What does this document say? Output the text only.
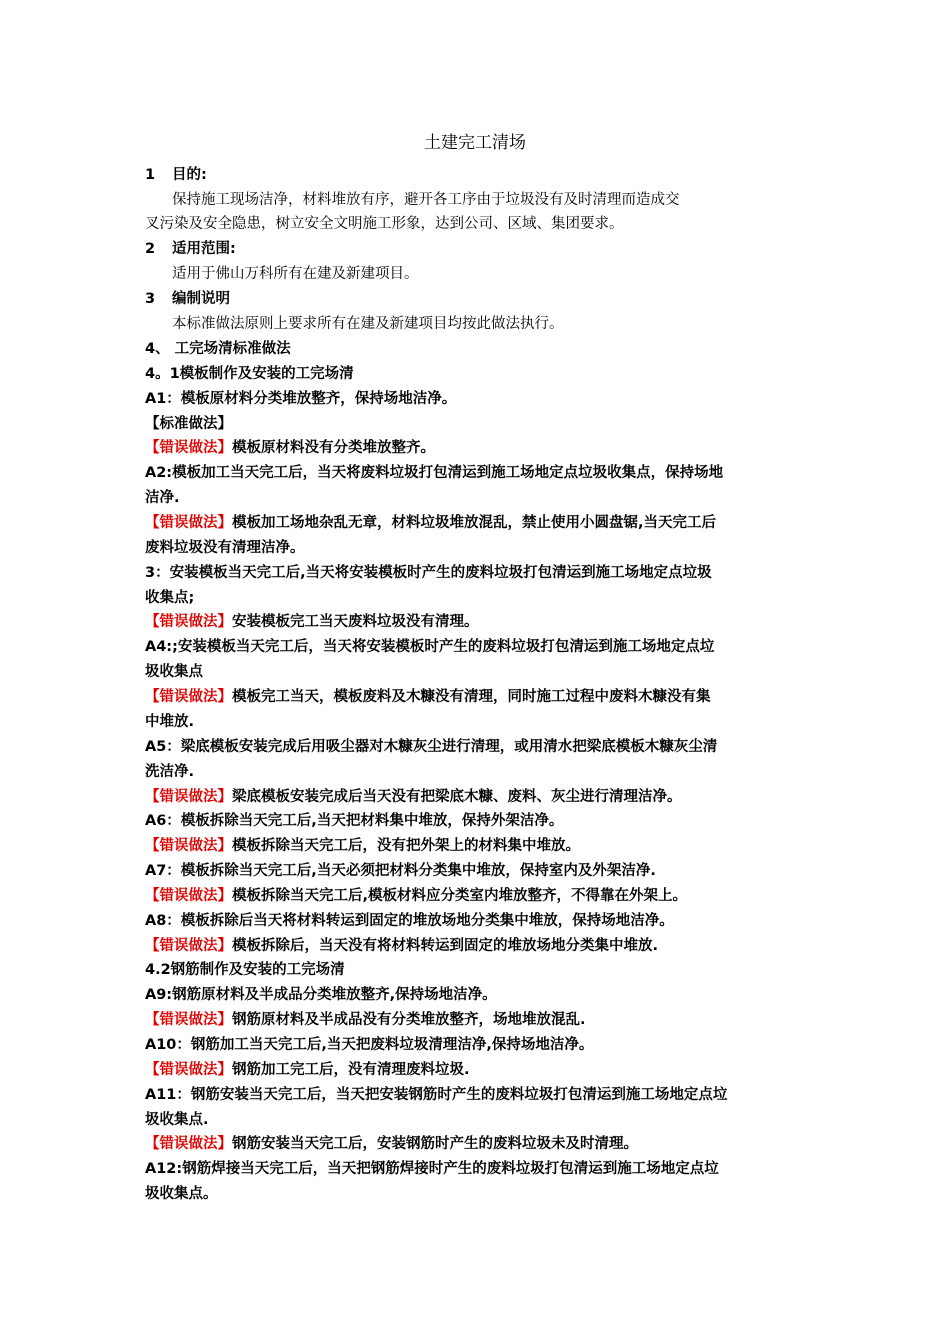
土建完工清场
1 目的:
保持施工现场洁净，材料堆放有序，避开各工序由于垃圾没有及时清理而造成交
叉污染及安全隐患，树立安全文明施工形象，达到公司、区域、集团要求。
2 适用范围:
适用于佛山万科所有在建及新建项目。
3 编制说明
本标准做法原则上要求所有在建及新建项目均按此做法执行。
4、 工完场清标准做法
4。1模板制作及安装的工完场清
A1：模板原材料分类堆放整齐，保持场地洁净。
【标准做法】
【错误做法】模板原材料没有分类堆放整齐。
A2:模板加工当天完工后，当天将废料垃圾打包清运到施工场地定点垃圾收集点，保持场地
洁净.
【错误做法】模板加工场地杂乱无章，材料垃圾堆放混乱，禁止使用小圆盘锯,当天完工后
废料垃圾没有清理洁净。
3：安装模板当天完工后,当天将安装模板时产生的废料垃圾打包清运到施工场地定点垃圾
收集点;
【错误做法】安装模板完工当天废料垃圾没有清理。
A4:;安装模板当天完工后，当天将安装模板时产生的废料垃圾打包清运到施工场地定点垃
圾收集点
【错误做法】模板完工当天，模板废料及木糠没有清理，同时施工过程中废料木糠没有集
中堆放.
A5：梁底模板安装完成后用吸尘器对木糠灰尘进行清理，或用清水把梁底模板木糠灰尘清
洗洁净.
【错误做法】梁底模板安装完成后当天没有把梁底木糠、废料、灰尘进行清理洁净。
A6：模板拆除当天完工后,当天把材料集中堆放，保持外架洁净。
【错误做法】模板拆除当天完工后，没有把外架上的材料集中堆放。
A7：模板拆除当天完工后,当天必须把材料分类集中堆放，保持室内及外架洁净.
【错误做法】模板拆除当天完工后,模板材料应分类室内堆放整齐，不得靠在外架上。
A8：模板拆除后当天将材料转运到固定的堆放场地分类集中堆放，保持场地洁净。
【错误做法】模板拆除后，当天没有将材料转运到固定的堆放场地分类集中堆放.
4.2钢筋制作及安装的工完场清
A9:钢筋原材料及半成品分类堆放整齐,保持场地洁净。
【错误做法】钢筋原材料及半成品没有分类堆放整齐，场地堆放混乱.
A10：钢筋加工当天完工后,当天把废料垃圾清理洁净,保持场地洁净。
【错误做法】钢筋加工完工后，没有清理废料垃圾.
A11：钢筋安装当天完工后，当天把安装钢筋时产生的废料垃圾打包清运到施工场地定点垃
圾收集点.
【错误做法】钢筋安装当天完工后，安装钢筋时产生的废料垃圾未及时清理。
A12:钢筋焊接当天完工后，当天把钢筋焊接时产生的废料垃圾打包清运到施工场地定点垃
圾收集点。
